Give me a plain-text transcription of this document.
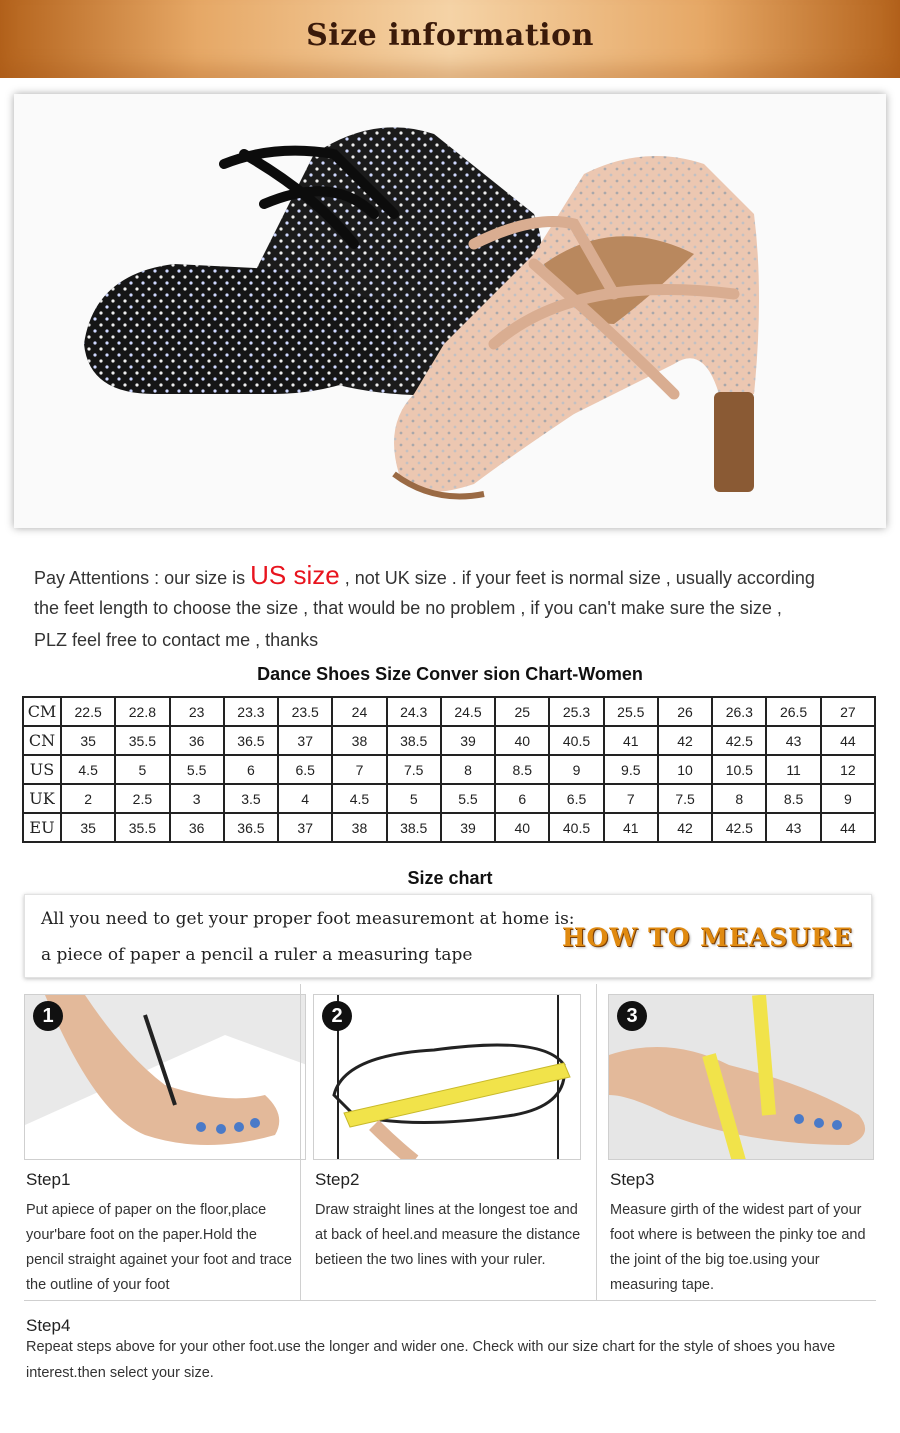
Size information
Pay Attentions : our size is US size , not UK size . if your feet is normal size , usually according
the feet length to choose the size , that would be no problem , if you can't make sure the size ,
PLZ feel free to contact me , thanks
Dance Shoes Size Conver sion Chart-Women
CM	22.5	22.8	23	23.3	23.5	24	24.3	24.5	25	25.3	25.5	26	26.3	26.5	27
CN	35	35.5	36	36.5	37	38	38.5	39	40	40.5	41	42	42.5	43	44
US	4.5	5	5.5	6	6.5	7	7.5	8	8.5	9	9.5	10	10.5	11	12
UK	2	2.5	3	3.5	4	4.5	5	5.5	6	6.5	7	7.5	8	8.5	9
EU	35	35.5	36	36.5	37	38	38.5	39	40	40.5	41	42	42.5	43	44
Size chart
All you need to get your proper foot measuremont at home is:
a piece of paper a pencil a ruler a measuring tape
HOW TO MEASURE
1
Step1
Put apiece of paper on the floor,place your'bare foot on the paper.Hold the pencil straight againet your foot and trace the outline of your foot
2
Step2
Draw straight lines at the longest toe and at back of heel.and measure the distance betieen the two lines with your ruler.
3
Step3
Measure girth of the widest part of your foot where is between the pinky toe and the joint of the big toe.using your measuring tape.
Step4
Repeat steps above for your other foot.use the longer and wider one. Check with our size chart for the style of shoes you have interest.then select your size.
